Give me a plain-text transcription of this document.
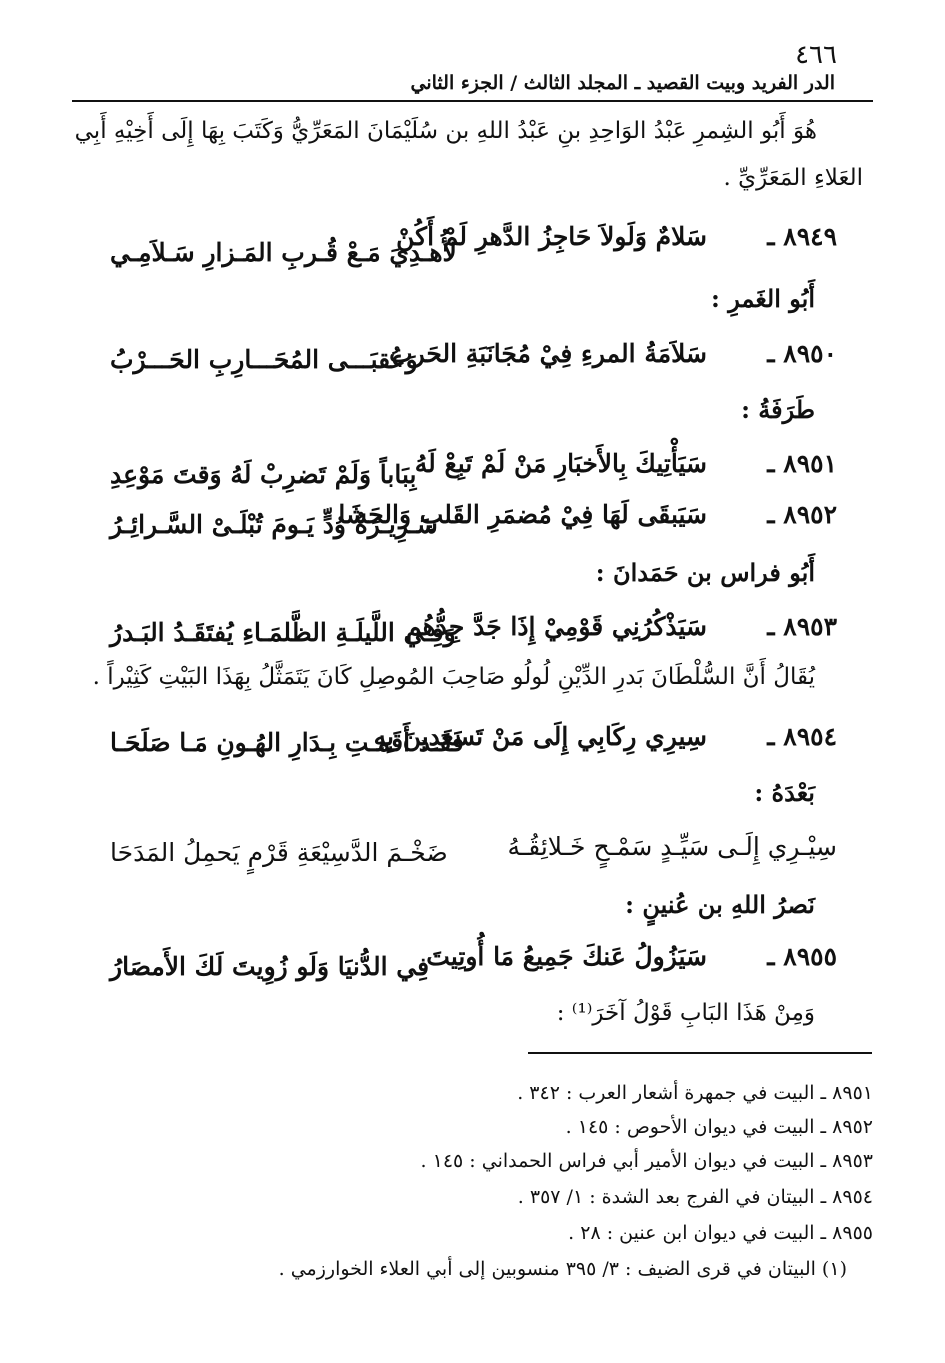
٤٦٦
الدر الفريد وبيت القصيد ـ المجلد الثالث / الجزء الثاني
هُوَ أَبُو الشِمرِ عَبْدُ الوَاحِدِ بنِ عَبْدُ اللهِ بن سُلَيْمَانَ المَعَرِّيُّ وَكَتَبَ بِهَا إِلَى أَخِيْهِ أَبِي
العَلاءِ المَعَرِّيِّ .
٨٩٤٩ ـ
سَلامٌ وَلَولاَ حَاجِزُ الدَّهرِ لَمْ أَكُنْ
لأُهـدِيَ مَـعْ قُـربِ المَـزارِ سَـلاَمِـي
أَبُو الغَمرِ :
٨٩٥٠ ـ
سَلاَمَةُ المرءِ فِيْ مُجَانَبَةِ الحَرب
وَعُقبَـــى المُحَـــارِبِ الحَـــرْبُ
طَرَفَةُ :
٨٩٥١ ـ
سَيَأْتِيكَ بِالأَخبَارِ مَنْ لَمْ تَبِعْ لَهُ
بِبَاباً وَلَمْ تَضرِبْ لَهُ وَقتَ مَوْعِدِ
٨٩٥٢ ـ
سَيَبقَى لَهَا فِيْ مُضمَرِ القَلبِ وَالحَشَا
سَـرِيـرَةُ وُدٍّ يَـومَ تُبْلَـىْ السَّـرائِـرُ
أَبُو فراس بن حَمَدانَ :
٨٩٥٣ ـ
سَيَذْكُرُنِي قَوْمِيْ إِذَا جَدَّ جِدُّهُم
وَفِـي اللَّيلَـةِ الظَّلمَـاءِ يُفتَقَـدُ البَـدرُ
يُقَالُ أَنَّ السُّلْطَانَ بَدرِ الدِّيْنِ لُولُو صَاحِبَ المُوصِلِ كَانَ يَتَمَثَّلُ بِهَذَا البَيْتِ كَثِيْراً .
٨٩٥٤ ـ
سِيرِي رِكَابِي إِلَى مَنْ تَسعَدِينَ بِهِ
فَقَـد أَقَمـتِ بِـدَارِ الهُـونِ مَـا صَلَحَـا
بَعْدَهُ :
سِيْـرِي إِلَـى سَيِّـدٍ سَمْـحٍ خَـلائِقُـهُ
ضَخْـمَ الدَّسِيْعَةِ قَرْمٍ يَحمِلُ المَدَحَا
نَصرُ اللهِ بن عُنينٍ :
٨٩٥٥ ـ
سَيَزُولُ عَنكَ جَمِيعُ مَا أُوتِيتَ
فِي الدُّنيَا وَلَو زُوِيتَ لَكَ الأَمصَارُ
وَمِنْ هَذَا البَابِ قَوْلُ آخَرَ⁽¹⁾ :
٨٩٥١ ـ البيت في جمهرة أشعار العرب : ٣٤٢ .
٨٩٥٢ ـ البيت في ديوان الأحوص : ١٤٥ .
٨٩٥٣ ـ البيت في ديوان الأمير أبي فراس الحمداني : ١٤٥ .
٨٩٥٤ ـ البيتان في الفرج بعد الشدة : ١/ ٣٥٧ .
٨٩٥٥ ـ البيت في ديوان ابن عنين : ٢٨ .
(١) البيتان في قرى الضيف : ٣/ ٣٩٥ منسوبين إلى أبي العلاء الخوارزمي .
